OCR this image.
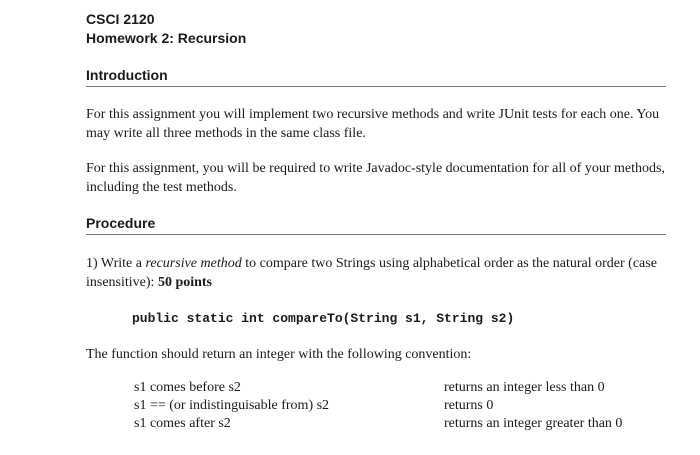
CSCI 2120
Homework 2: Recursion
Introduction
For this assignment you will implement two recursive methods and write JUnit tests for each one. You may write all three methods in the same class file.
For this assignment, you will be required to write Javadoc-style documentation for all of your methods, including the test methods.
Procedure
1) Write a recursive method to compare two Strings using alphabetical order as the natural order (case insensitive): 50 points
public static int compareTo(String s1, String s2)
The function should return an integer with the following convention:
s1 comes before s2	returns an integer less than 0
s1 == (or indistinguisable from) s2	returns 0
s1 comes after s2	returns an integer greater than 0
